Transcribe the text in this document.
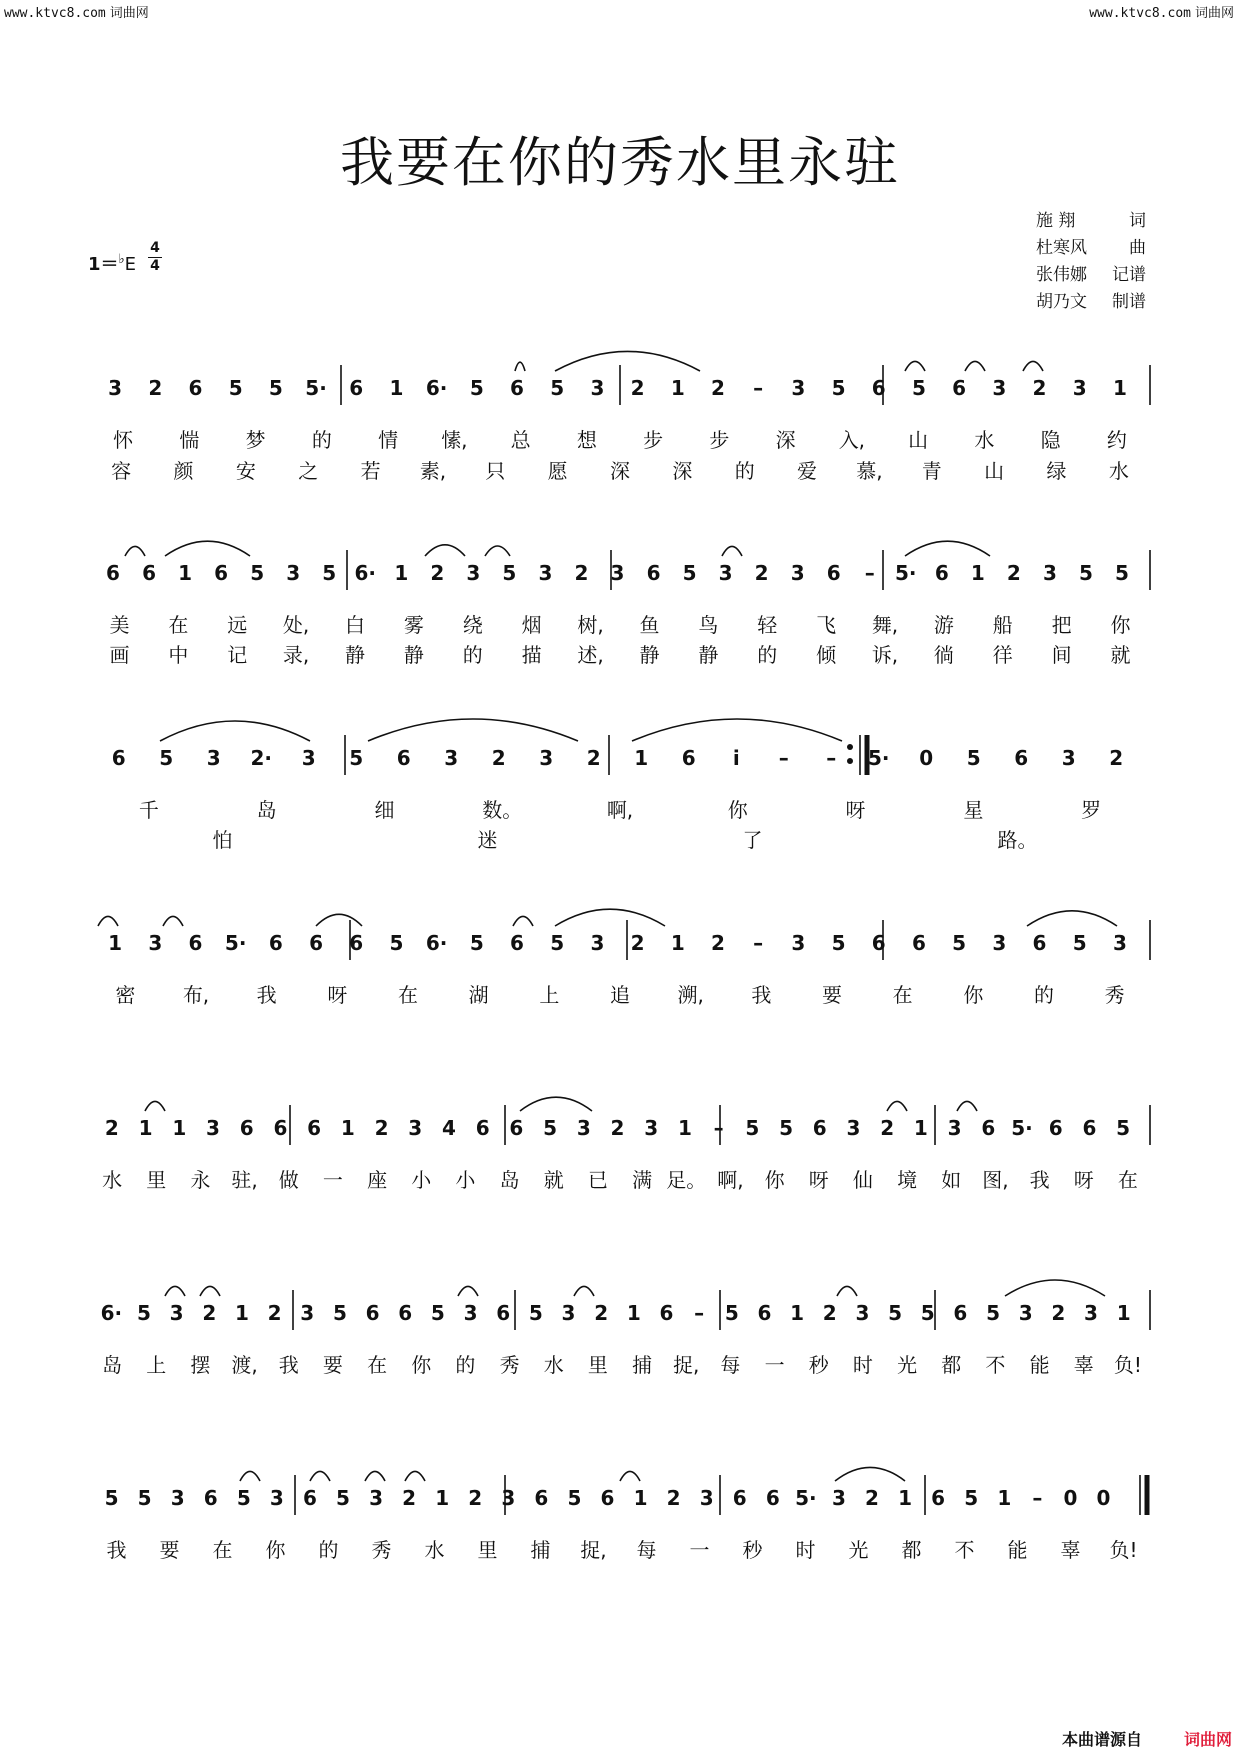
www.ktvc8.com 词曲网	www.ktvc8.com 词曲网
我要在你的秀水里永驻
1＝♭E
4
4
施 翔	词
杜寒风 曲
张伟娜 记谱
胡乃文 制谱
3 2 6 5 5 5· 6 1 6· 5 6 5 3 2 1 2 – 3 5 6 5 6 3 2 3 1
怀 惴 梦 的 情 愫, 总 想 步 步 深 入, 山 水 隐 约
容 颜 安 之 若 素, 只 愿 深 深 的 爱 慕, 青 山 绿 水
6 6 1 6 5 3 5 6· 1 2 3 5 3 2 3 6 5 3 2 3 6 – 5· 6 1 2 3 5 5
美 在 远 处, 白 雾 绕 烟 树, 鱼 鸟 轻 飞 舞, 游 船 把 你
画 中 记 录, 静 静 的 描 述, 静 静 的 倾 诉, 徜 徉 间 就
6 5 3 2· 3 5 6 3 2 3 2 1 6 i – – 5· 0 5 6 3 2
千	岛	细	数。	啊,	你	呀	星	罗
怕	迷	了	路。
1 3 6 5· 6 6 6 5 6· 5 6 5 3 2 1 2 – 3 5 6 6 5 3 6 5 3
密 布, 我	呀	在	湖	上	追 溯, 我	要	在	你	的	秀
2 1 1 3 6 6 6 1 2 3 4 6 6 5 3 2 3 1 – 5 5 6 3 2 1 3 6 5· 6 6 5
水 里 永 驻, 做 一 座 小 小 岛 就 已 满 足。 啊, 你 呀 仙 境 如 图, 我 呀 在
6· 5 3 2 1 2 3 5 6 6 5 3 6 5 3 2 1 6 – 5 6 1 2 3 5 5 6 5 3 2 3 1
岛 上 摆 渡, 我 要 在 你 的 秀 水 里 捕 捉, 每 一 秒 时 光 都 不 能 辜 负!
5 5 3 6 5 3 6 5 3 2 1 2 3 6 5 6 1 2 3 6 6 5· 3 2 1 6 5 1 – 0 0
我 要 在 你 的 秀 水 里 捕 捉, 每 一 秒 时 光 都 不 能 辜 负!
本曲谱源自	词曲网
